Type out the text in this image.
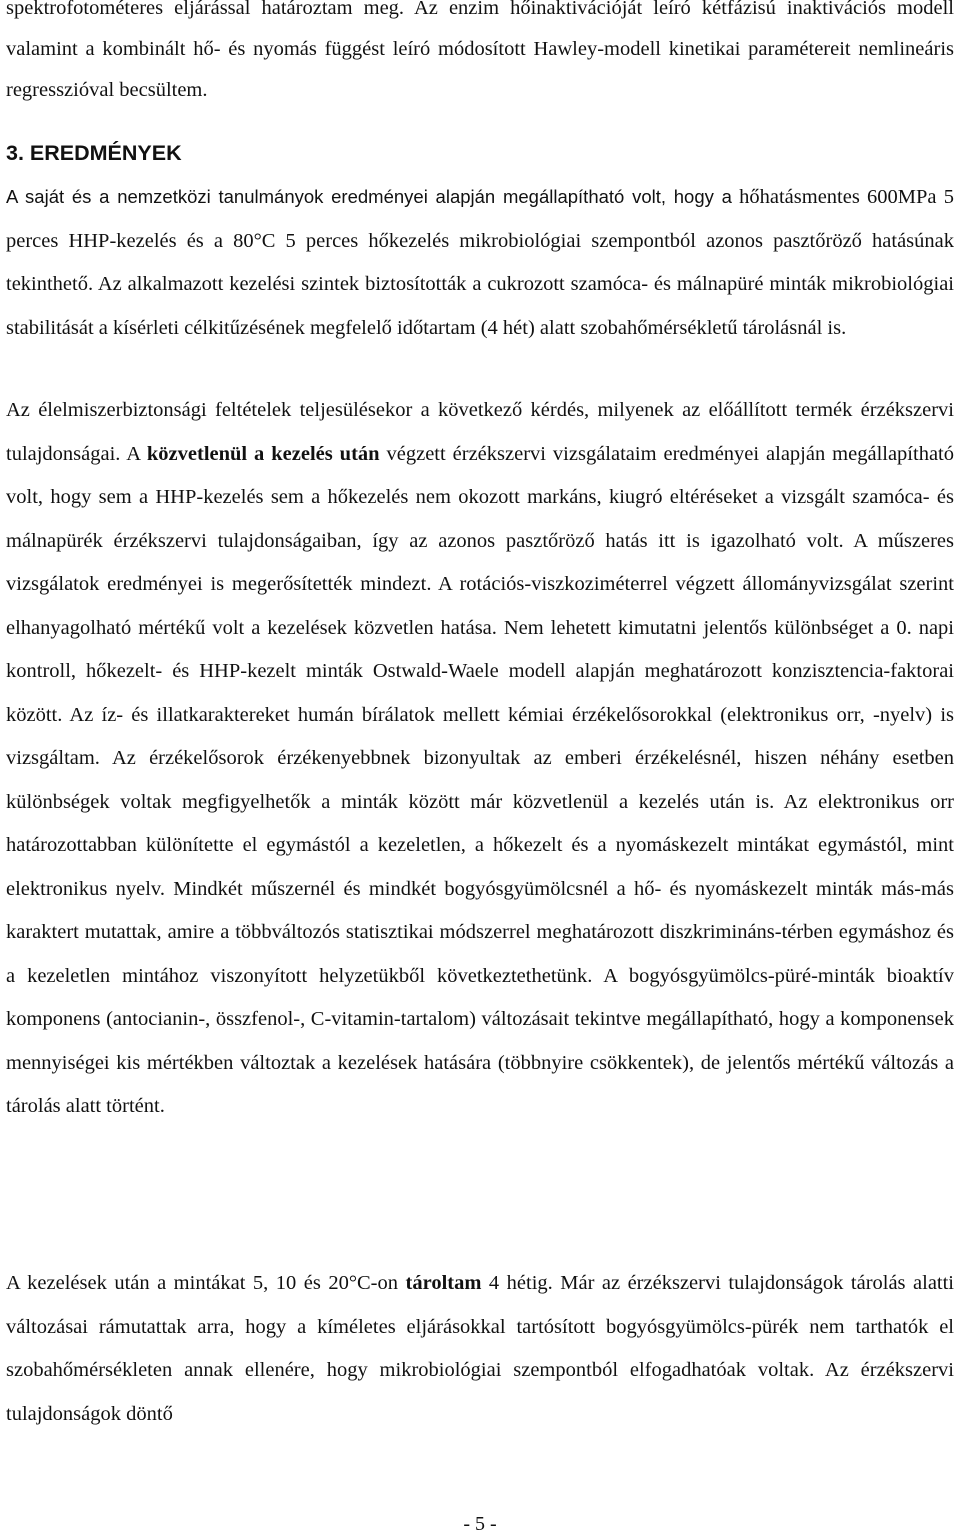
spektrofotométeres eljárással határoztam meg. Az enzim hőinaktivációját leíró kétfázisú inaktivációs modell valamint a kombinált hő- és nyomás függést leíró módosított Hawley-modell kinetikai paramétereit nemlineáris regresszióval becsültem.

3. EREDMÉNYEK

A saját és a nemzetközi tanulmányok eredményei alapján megállapítható volt, hogy a hőhatásmentes 600MPa 5 perces HHP-kezelés és a 80°C 5 perces hőkezelés mikrobiológiai szempontból azonos pasztőröző hatásúnak tekinthető. Az alkalmazott kezelési szintek biztosították a cukrozott szamóca- és málnapüré minták mikrobiológiai stabilitását a kísérleti célkitűzésének megfelelő időtartam (4 hét) alatt szobahőmérsékletű tárolásnál is.

Az élelmiszerbiztonsági feltételek teljesülésekor a következő kérdés, milyenek az előállított termék érzékszervi tulajdonságai. A közvetlenül a kezelés után végzett érzékszervi vizsgálataim eredményei alapján megállapítható volt, hogy sem a HHP-kezelés sem a hőkezelés nem okozott markáns, kiugró eltéréseket a vizsgált szamóca- és málnapürék érzékszervi tulajdonságaiban, így az azonos pasztőröző hatás itt is igazolható volt. A műszeres vizsgálatok eredményei is megerősítették mindezt. A rotációs-viszkoziméterrel végzett állományvizsgálat szerint elhanyagolható mértékű volt a kezelések közvetlen hatása. Nem lehetett kimutatni jelentős különbséget a 0. napi kontroll, hőkezelt- és HHP-kezelt minták Ostwald-Waele modell alapján meghatározott konzisztencia-faktorai között. Az íz- és illatkaraktereket humán bírálatok mellett kémiai érzékelősorokkal (elektronikus orr, -nyelv) is vizsgáltam. Az érzékelősorok érzékenyebbnek bizonyultak az emberi érzékelésnél, hiszen néhány esetben különbségek voltak megfigyelhetők a minták között már közvetlenül a kezelés után is. Az elektronikus orr határozottabban különítette el egymástól a kezeletlen, a hőkezelt és a nyomáskezelt mintákat egymástól, mint elektronikus nyelv. Mindkét műszernél és mindkét bogyósgyümölcsnél a hő- és nyomáskezelt minták más-más karaktert mutattak, amire a többváltozós statisztikai módszerrel meghatározott diszkrimináns-térben egymáshoz és a kezeletlen mintához viszonyított helyzetükből következtethetünk. A bogyósgyümölcs-püré-minták bioaktív komponens (antocianin-, összfenol-, C-vitamin-tartalom) változásait tekintve megállapítható, hogy a komponensek mennyiségei kis mértékben változtak a kezelések hatására (többnyire csökkentek), de jelentős mértékű változás a tárolás alatt történt.

A kezelések után a mintákat 5, 10 és 20°C-on tároltam 4 hétig. Már az érzékszervi tulajdonságok tárolás alatti változásai rámutattak arra, hogy a kíméletes eljárásokkal tartósított bogyósgyümölcs-pürék nem tarthatók el szobahőmérsékleten annak ellenére, hogy mikrobiológiai szempontból elfogadhatóak voltak. Az érzékszervi tulajdonságok döntő

- 5 -
